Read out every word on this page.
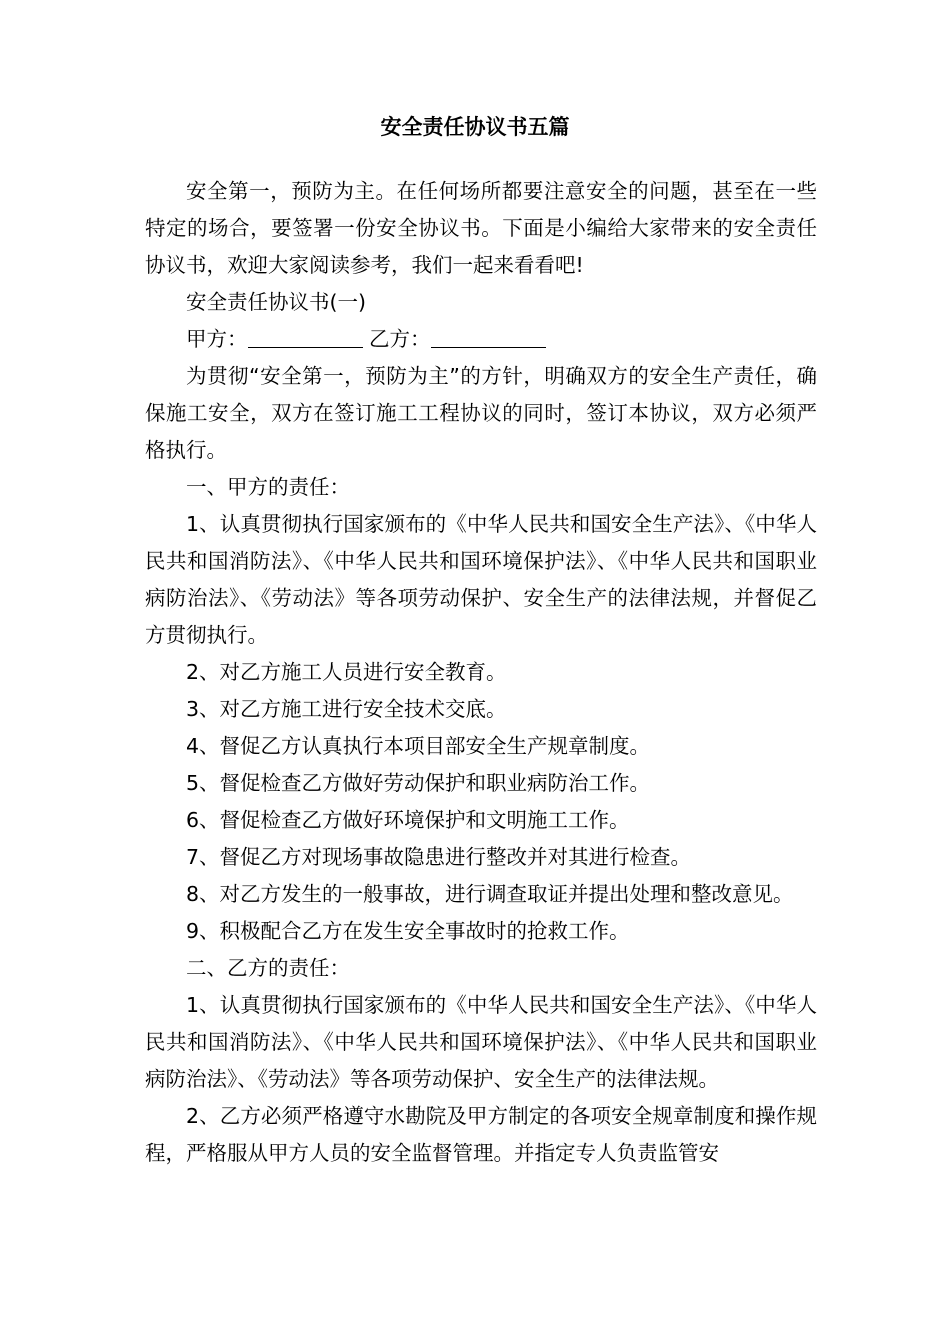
安全责任协议书五篇

安全第一，预防为主。在任何场所都要注意安全的问题，甚至在一些特定的场合，要签署一份安全协议书。下面是小编给大家带来的安全责任协议书，欢迎大家阅读参考，我们一起来看看吧!

安全责任协议书(一)

甲方：	乙方：

为贯彻“安全第一，预防为主”的方针，明确双方的安全生产责任，确保施工安全，双方在签订施工工程协议的同时，签订本协议，双方必须严格执行。

一、甲方的责任：

1、认真贯彻执行国家颁布的《中华人民共和国安全生产法》、《中华人民共和国消防法》、《中华人民共和国环境保护法》、《中华人民共和国职业病防治法》、《劳动法》等各项劳动保护、安全生产的法律法规，并督促乙方贯彻执行。

2、对乙方施工人员进行安全教育。

3、对乙方施工进行安全技术交底。

4、督促乙方认真执行本项目部安全生产规章制度。

5、督促检查乙方做好劳动保护和职业病防治工作。

6、督促检查乙方做好环境保护和文明施工工作。

7、督促乙方对现场事故隐患进行整改并对其进行检查。

8、对乙方发生的一般事故，进行调查取证并提出处理和整改意见。

9、积极配合乙方在发生安全事故时的抢救工作。

二、乙方的责任：

1、认真贯彻执行国家颁布的《中华人民共和国安全生产法》、《中华人民共和国消防法》、《中华人民共和国环境保护法》、《中华人民共和国职业病防治法》、《劳动法》等各项劳动保护、安全生产的法律法规。

2、乙方必须严格遵守水勘院及甲方制定的各项安全规章制度和操作规程，严格服从甲方人员的安全监督管理。并指定专人负责监管安
